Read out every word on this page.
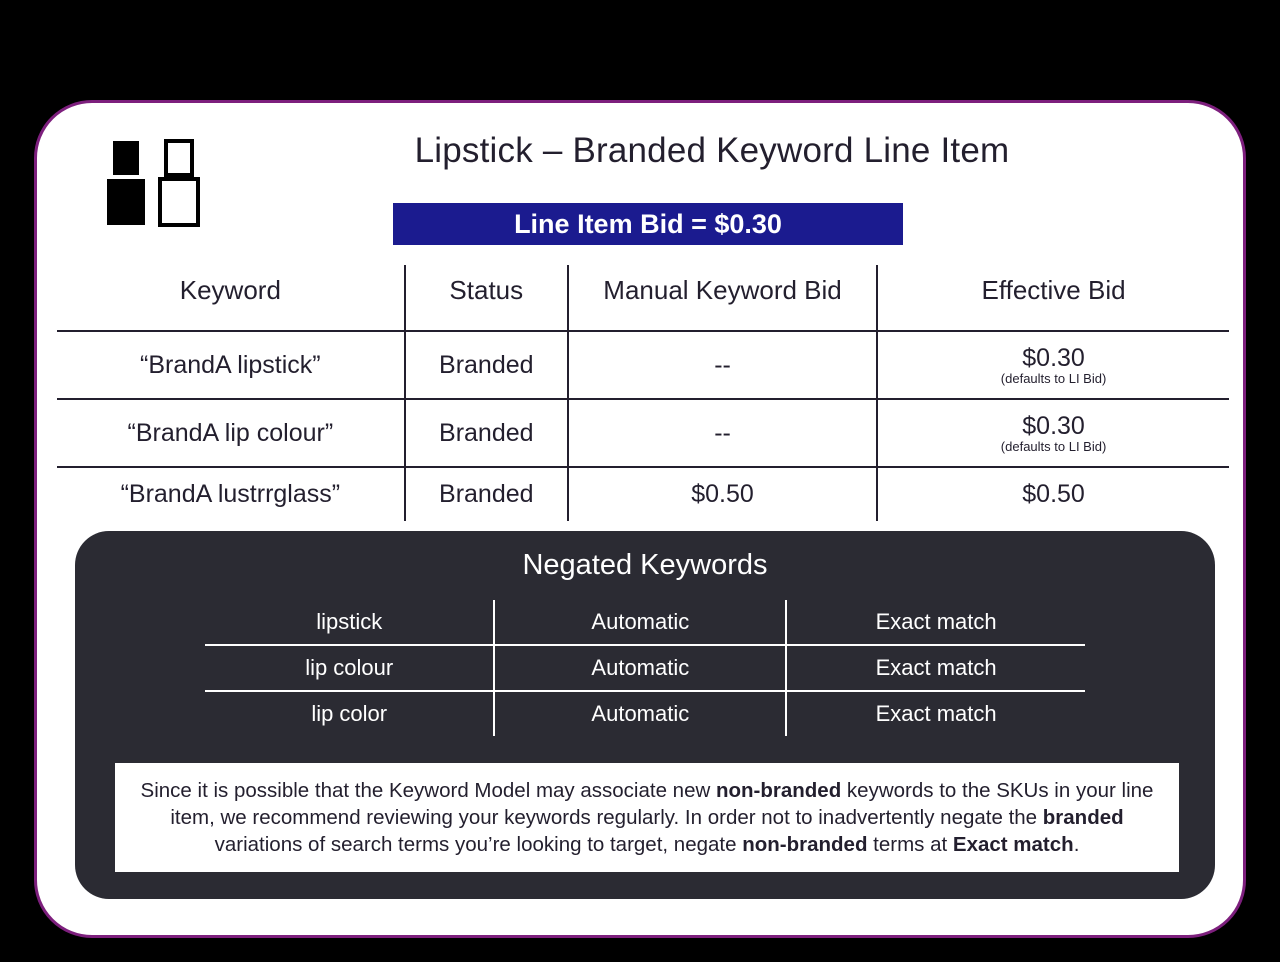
Lipstick – Branded Keyword Line Item
Line Item Bid = $0.30
Keyword	Status	Manual Keyword Bid	Effective Bid
“BrandA lipstick”	Branded	--	$0.30
(defaults to LI Bid)

“BrandA lip colour”	Branded	--	$0.30
(defaults to LI Bid)

“BrandA lustrrglass”	Branded	$0.50	$0.50
Negated Keywords
lipstick	Automatic	Exact match
lip colour	Automatic	Exact match
lip color	Automatic	Exact match
Since it is possible that the Keyword Model may associate new non-branded keywords to the SKUs in your line item, we recommend reviewing your keywords regularly. In order not to inadvertently negate the branded variations of search terms you’re looking to target, negate non-branded terms at Exact match.
